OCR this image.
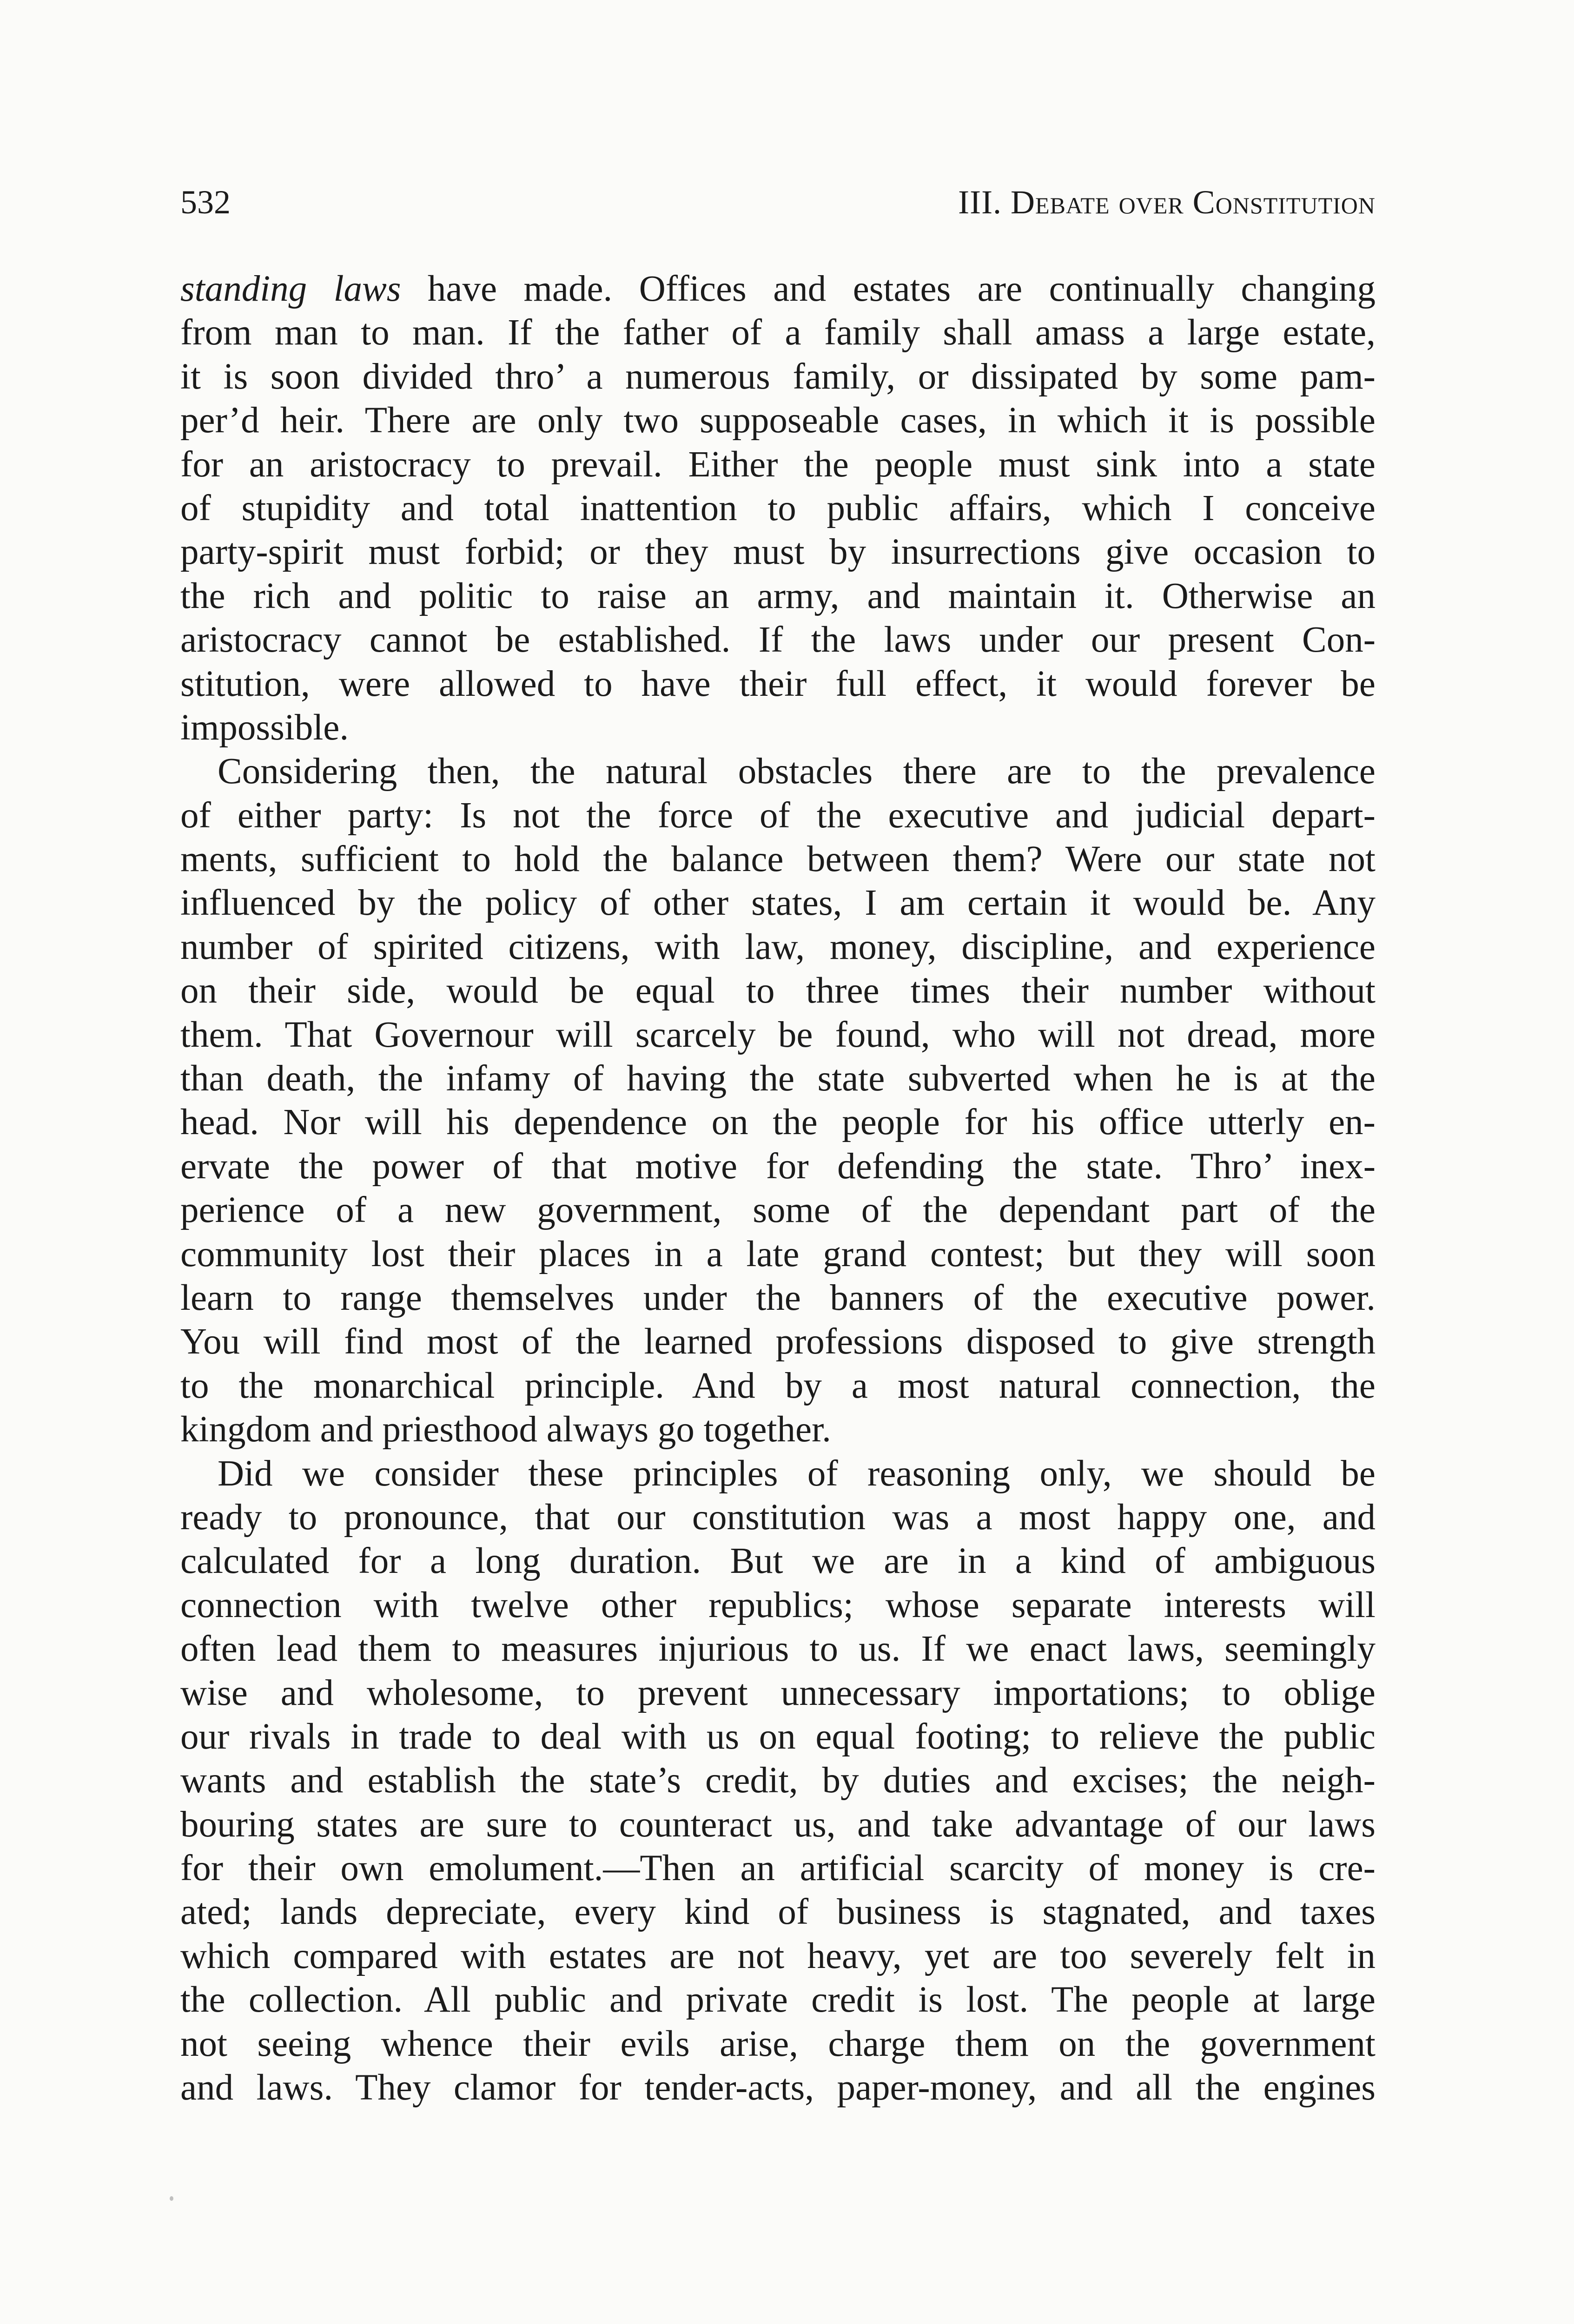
532	III. Debate over Constitution
standing laws have made. Offices and estates are continually changing
from man to man. If the father of a family shall amass a large estate,
it is soon divided thro’ a numerous family, or dissipated by some pam-
per’d heir. There are only two supposeable cases, in which it is possible
for an aristocracy to prevail. Either the people must sink into a state
of stupidity and total inattention to public affairs, which I conceive
party-spirit must forbid; or they must by insurrections give occasion to
the rich and politic to raise an army, and maintain it. Otherwise an
aristocracy cannot be established. If the laws under our present Con-
stitution, were allowed to have their full effect, it would forever be
impossible.
Considering then, the natural obstacles there are to the prevalence
of either party: Is not the force of the executive and judicial depart-
ments, sufficient to hold the balance between them? Were our state not
influenced by the policy of other states, I am certain it would be. Any
number of spirited citizens, with law, money, discipline, and experience
on their side, would be equal to three times their number without
them. That Governour will scarcely be found, who will not dread, more
than death, the infamy of having the state subverted when he is at the
head. Nor will his dependence on the people for his office utterly en-
ervate the power of that motive for defending the state. Thro’ inex-
perience of a new government, some of the dependant part of the
community lost their places in a late grand contest; but they will soon
learn to range themselves under the banners of the executive power.
You will find most of the learned professions disposed to give strength
to the monarchical principle. And by a most natural connection, the
kingdom and priesthood always go together.
Did we consider these principles of reasoning only, we should be
ready to pronounce, that our constitution was a most happy one, and
calculated for a long duration. But we are in a kind of ambiguous
connection with twelve other republics; whose separate interests will
often lead them to measures injurious to us. If we enact laws, seemingly
wise and wholesome, to prevent unnecessary importations; to oblige
our rivals in trade to deal with us on equal footing; to relieve the public
wants and establish the state’s credit, by duties and excises; the neigh-
bouring states are sure to counteract us, and take advantage of our laws
for their own emolument.—Then an artificial scarcity of money is cre-
ated; lands depreciate, every kind of business is stagnated, and taxes
which compared with estates are not heavy, yet are too severely felt in
the collection. All public and private credit is lost. The people at large
not seeing whence their evils arise, charge them on the government
and laws. They clamor for tender-acts, paper-money, and all the engines
